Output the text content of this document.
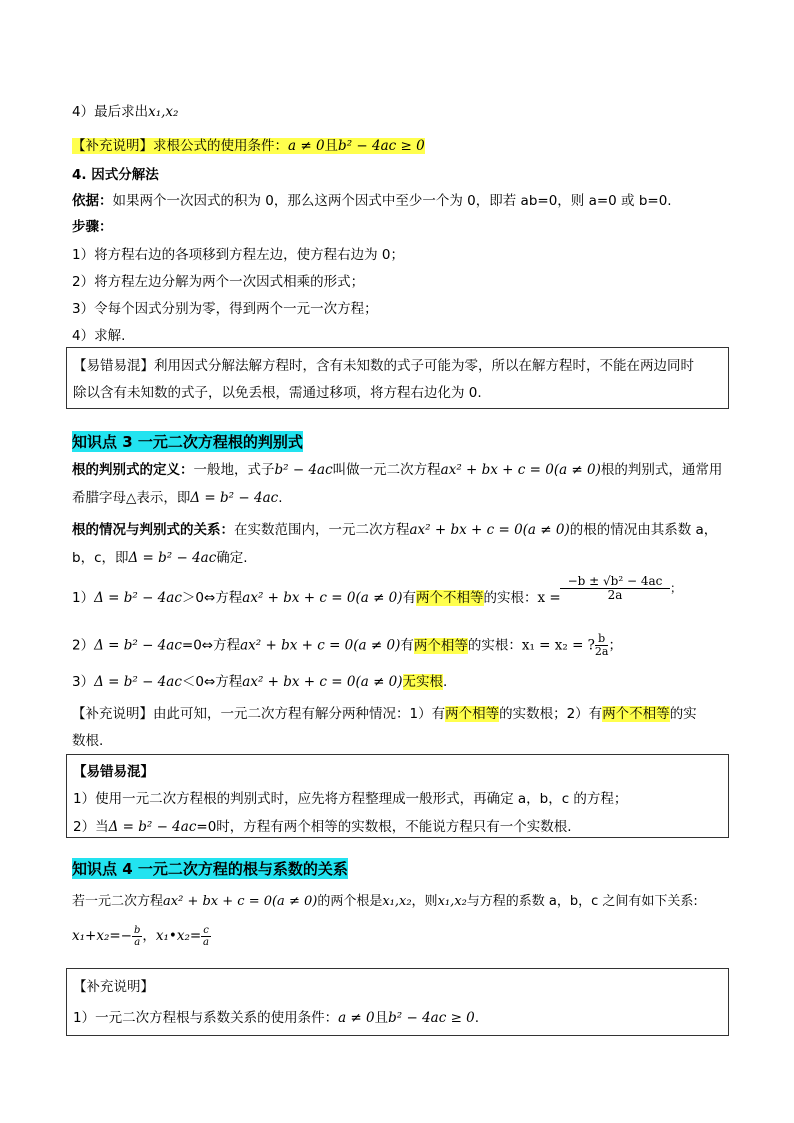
4）最后求出x₁,x₂
【补充说明】求根公式的使用条件：a ≠ 0且b² − 4ac ≥ 0
4. 因式分解法
依据：如果两个一次因式的积为 0，那么这两个因式中至少一个为 0，即若 ab=0，则 a=0 或 b=0.
步骤：
1）将方程右边的各项移到方程左边，使方程右边为 0；
2）将方程左边分解为两个一次因式相乘的形式；
3）令每个因式分别为零，得到两个一元一次方程；
4）求解.
【易错易混】利用因式分解法解方程时，含有未知数的式子可能为零，所以在解方程时，不能在两边同时
除以含有未知数的式子，以免丢根，需通过移项，将方程右边化为 0.
知识点 3 一元二次方程根的判别式
根的判别式的定义：一般地，式子b² − 4ac叫做一元二次方程ax² + bx + c = 0(a ≠ 0)根的判别式，通常用
希腊字母△表示，即Δ = b² − 4ac.
根的情况与判别式的关系：在实数范围内，一元二次方程ax² + bx + c = 0(a ≠ 0)的根的情况由其系数 a，
b，c，即Δ = b² − 4ac确定.
1）Δ = b² − 4ac＞0⇔方程ax² + bx + c = 0(a ≠ 0)有两个不相等的实根：$x = \frac{\text{−b ± √b² − 4ac}}{2a}$ ；
2）Δ = b² − 4ac=0⇔方程ax² + bx + c = 0(a ≠ 0)有两个相等的实根：x₁ = x₂ = ? $\frac{b}{2a}$ ；
3）Δ = b² − 4ac＜0⇔方程ax² + bx + c = 0(a ≠ 0)无实根.
【补充说明】由此可知，一元二次方程有解分两种情况：1）有两个相等的实数根；2）有两个不相等的实
数根.
【易错易混】
1）使用一元二次方程根的判别式时，应先将方程整理成一般形式，再确定 a，b，c 的方程；
2）当Δ = b² − 4ac=0时，方程有两个相等的实数根，不能说方程只有一个实数根.
知识点 4 一元二次方程的根与系数的关系
若一元二次方程ax² + bx + c = 0(a ≠ 0)的两个根是x₁,x₂，则x₁,x₂与方程的系数 a，b，c 之间有如下关系:
$x_1+x_2=- \frac{b}{a}$ ，x₁•x₂= $\frac{c}{a}$
【补充说明】
1）一元二次方程根与系数关系的使用条件：a ≠ 0且b² − 4ac ≥ 0.
